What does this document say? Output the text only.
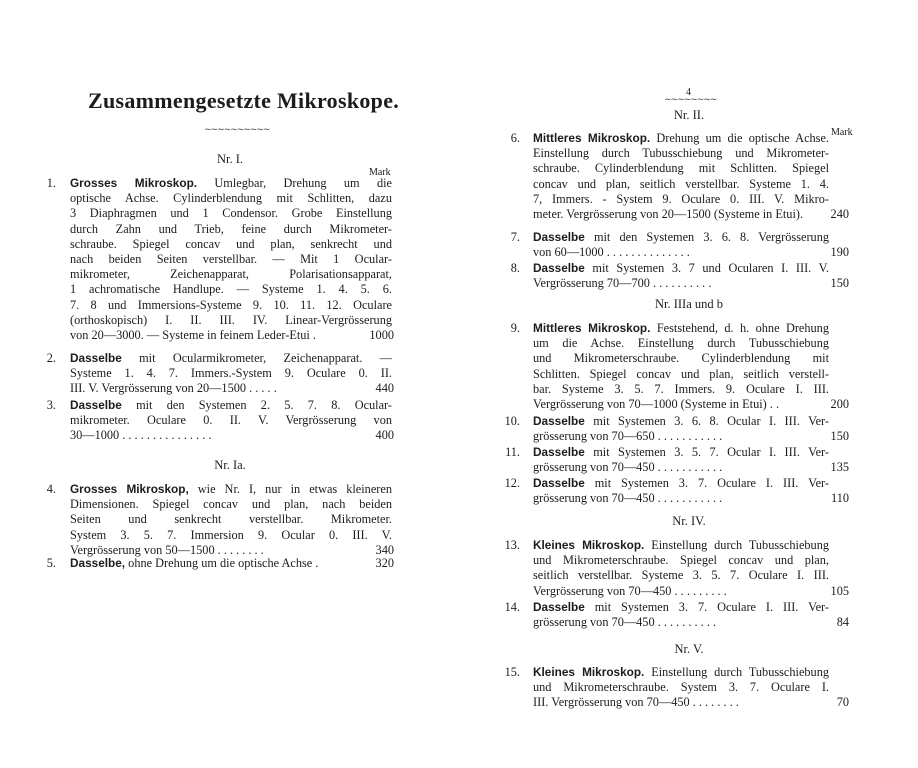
Zusammengesetzte Mikroskope.
~~~~~~~~~~
Nr. I.
Mark
Nr. Ia.
1. Grosses Mikroskop. Umlegbar, Drehung um die
optische Achse. Cylinderblendung mit Schlitten, dazu
3 Diaphragmen und 1 Condensor. Grobe Einstellung
durch Zahn und Trieb, feine durch Mikrometer-
schraube. Spiegel concav und plan, senkrecht und
nach beiden Seiten verstellbar. — Mit 1 Ocular-
mikrometer, Zeichenapparat, Polarisationsapparat,
1 achromatische Handlupe. — Systeme 1. 4. 5. 6.
7. 8 und Immersions-Systeme 9. 10. 11. 12. Oculare
(orthoskopisch) I. II. III. IV. Linear-Vergrösserung
von 20—3000. — Systeme in feinem Leder-Etui .	1000
2. Dasselbe mit Ocularmikrometer, Zeichenapparat. —
Systeme 1. 4. 7. Immers.-System 9. Oculare 0. II.
III. V. Vergrösserung von 20—1500 . . . . .	440
3. Dasselbe mit den Systemen 2. 5. 7. 8. Ocular-
mikrometer. Oculare 0. II. V. Vergrösserung von
30—1000 . . . . . . . . . . . . . . .	400
4. Grosses Mikroskop, wie Nr. I, nur in etwas kleineren
Dimensionen. Spiegel concav und plan, nach beiden
Seiten und senkrecht verstellbar. Mikrometer.
System 3. 5. 7. Immersion 9. Ocular 0. III. V.
Vergrösserung von 50—1500 . . . . . . . .	340
5. Dasselbe, ohne Drehung um die optische Achse .	320
4
~~~~~~~~
Nr. II.
Mark
Nr. IIIa und b
Nr. IV.
Nr. V.
6. Mittleres Mikroskop. Drehung um die optische Achse.
Einstellung durch Tubusschiebung und Mikrometer-
schraube. Cylinderblendung mit Schlitten. Spiegel
concav und plan, seitlich verstellbar. Systeme 1. 4.
7, Immers. - System 9. Oculare 0. III. V. Mikro-
meter. Vergrösserung von 20—1500 (Systeme in Etui).	240
7. Dasselbe mit den Systemen 3. 6. 8. Vergrösserung
von 60—1000 . . . . . . . . . . . . . .	190
8. Dasselbe mit Systemen 3. 7 und Ocularen I. III. V.
Vergrösserung 70—700 . . . . . . . . . .	150
9. Mittleres Mikroskop. Feststehend, d. h. ohne Drehung
um die Achse. Einstellung durch Tubusschiebung
und Mikrometerschraube. Cylinderblendung mit
Schlitten. Spiegel concav und plan, seitlich verstell-
bar. Systeme 3. 5. 7. Immers. 9. Oculare I. III.
Vergrösserung von 70—1000 (Systeme in Etui) . .	200
10. Dasselbe mit Systemen 3. 6. 8. Ocular I. III. Ver-
grösserung von 70—650 . . . . . . . . . . .	150
11. Dasselbe mit Systemen 3. 5. 7. Ocular I. III. Ver-
grösserung von 70—450 . . . . . . . . . . .	135
12. Dasselbe mit Systemen 3. 7. Oculare I. III. Ver-
grösserung von 70—450 . . . . . . . . . . .	110
13. Kleines Mikroskop. Einstellung durch Tubusschiebung
und Mikrometerschraube. Spiegel concav und plan,
seitlich verstellbar. Systeme 3. 5. 7. Oculare I. III.
Vergrösserung von 70—450 . . . . . . . . .	105
14. Dasselbe mit Systemen 3. 7. Oculare I. III. Ver-
grösserung von 70—450 . . . . . . . . . .	84
15. Kleines Mikroskop. Einstellung durch Tubusschiebung
und Mikrometerschraube. System 3. 7. Oculare I.
III. Vergrösserung von 70—450 . . . . . . . .	70
